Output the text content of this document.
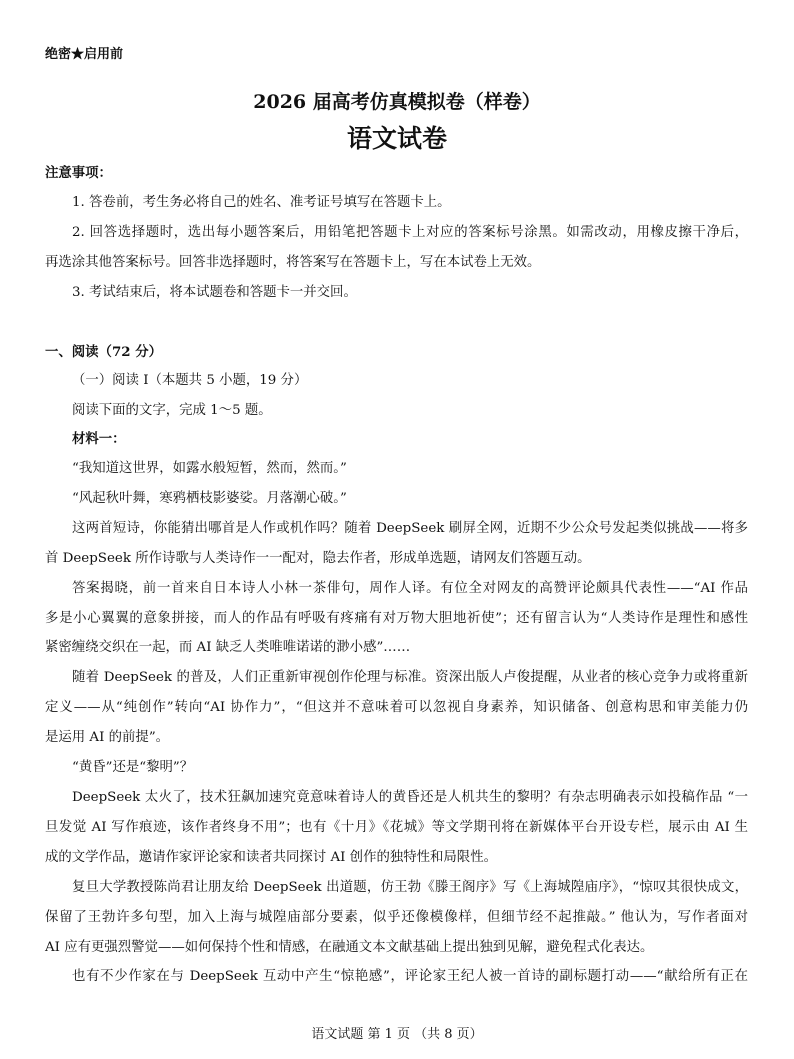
绝密★启用前
2026 届高考仿真模拟卷（样卷）
语文试卷
注意事项：
1. 答卷前，考生务必将自己的姓名、准考证号填写在答题卡上。
2. 回答选择题时，选出每小题答案后，用铅笔把答题卡上对应的答案标号涂黑。如需改动，用橡皮擦干净后，
再选涂其他答案标号。回答非选择题时，将答案写在答题卡上，写在本试卷上无效。
3. 考试结束后，将本试题卷和答题卡一并交回。
一、阅读（72 分）
（一）阅读 I（本题共 5 小题，19 分）
阅读下面的文字，完成 1～5 题。
材料一：
“我知道这世界，如露水般短暂，然而，然而。”
“风起秋叶舞，寒鸦栖枝影婆娑。月落潮心破。”
这两首短诗，你能猜出哪首是人作或机作吗？随着 DeepSeek 刷屏全网，近期不少公众号发起类似挑战——将多
首 DeepSeek 所作诗歌与人类诗作一一配对，隐去作者，形成单选题，请网友们答题互动。
答案揭晓，前一首来自日本诗人小林一茶俳句，周作人译。有位全对网友的高赞评论颇具代表性——“AI 作品
多是小心翼翼的意象拼接，而人的作品有呼吸有疼痛有对万物大胆地祈使”；还有留言认为“人类诗作是理性和感性
紧密缠绕交织在一起，而 AI 缺乏人类唯唯诺诺的渺小感”……
随着 DeepSeek 的普及，人们正重新审视创作伦理与标准。资深出版人卢俊提醒，从业者的核心竞争力或将重新
定义——从“纯创作”转向“AI 协作力”，“但这并不意味着可以忽视自身素养，知识储备、创意构思和审美能力仍
是运用 AI 的前提”。
“黄昏”还是“黎明”？
DeepSeek 太火了，技术狂飙加速究竟意味着诗人的黄昏还是人机共生的黎明？有杂志明确表示如投稿作品 “一
旦发觉 AI 写作痕迹，该作者终身不用”；也有《十月》《花城》等文学期刊将在新媒体平台开设专栏，展示由 AI 生
成的文学作品，邀请作家评论家和读者共同探讨 AI 创作的独特性和局限性。
复旦大学教授陈尚君让朋友给 DeepSeek 出道题，仿王勃《滕王阁序》写《上海城隍庙序》，“惊叹其很快成文，
保留了王勃许多句型，加入上海与城隍庙部分要素，似乎还像模像样，但细节经不起推敲。” 他认为，写作者面对
AI 应有更强烈警觉——如何保持个性和情感，在融通文本文献基础上提出独到见解，避免程式化表达。
也有不少作家在与 DeepSeek 互动中产生“惊艳感”，评论家王纪人被一首诗的副标题打动——“献给所有正在
语文试题 第 1 页 （共 8 页）
